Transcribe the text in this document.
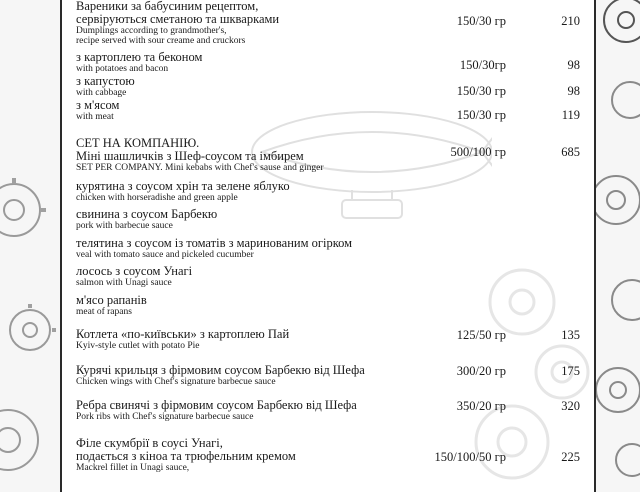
Вареники за бабусиним рецептом,
сервіруються сметаною та шкварками
Dumplings according to grandmother's,
recipe served with sour creame and cruckors
150/30 гр	210
з картоплею та беконом
with potatoes and bacon	150/30гр	98
з капустою
with cabbage	150/30 гр	98
з м'ясом
with meat	150/30 гр	119
СЕТ НА КОМПАНІЮ.
Міні шашличків з Шеф-соусом та імбирем
SET PER COMPANY. Mini kebabs with Chef's sause and ginger
500/100 гр	685
курятина з соусом хрін та зелене яблуко
chicken with horseradishe and green apple
свинина з соусом Барбекю
pork with barbecue sauce
телятина з соусом із томатів з маринованим огірком
veal with tomato sauce and pickeled cucumber
лосось з соусом Унагі
salmon with Unagi sauce
м'ясо рапанів
meat of rapans
Котлета «по-київськи» з картоплею Пай
Kyiv-style cutlet with potato Pie
125/50 гр	135
Курячі крильця з фірмовим соусом Барбекю від Шефа
Chicken wings with Chef's signature barbecue sauce
300/20 гр	175
Ребра свинячі з фірмовим соусом Барбекю від Шефа
Pork ribs with Chef's signature barbecue sauce
350/20 гр	320
Філе скумбрії в соусі Унагі,
подається з кіноа та трюфельним кремом
Mackrel fillet in Unagi sauce,
150/100/50 гр	225
